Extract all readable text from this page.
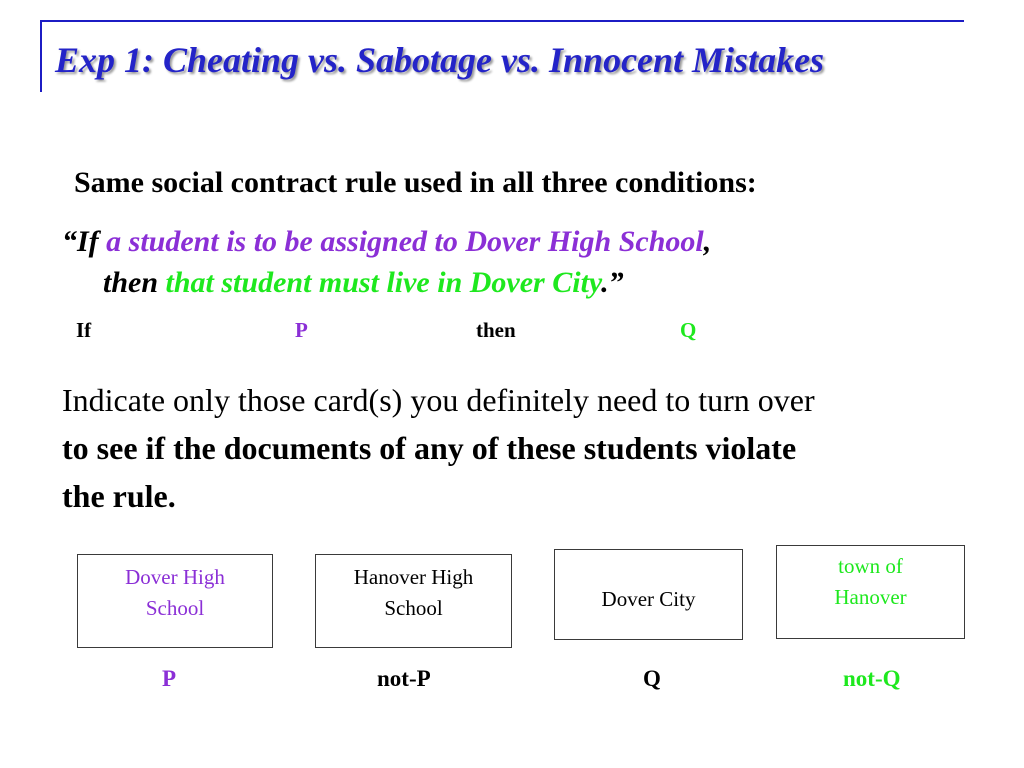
Exp 1: Cheating vs. Sabotage vs. Innocent Mistakes
Same social contract rule used in all three conditions:
“If a student is to be assigned to Dover High School,
then that student must live in Dover City.”
If	P	then	Q
Indicate only those card(s) you definitely need to turn over
to see if the documents of any of these students violate
the rule.
Dover High
School
Hanover High
School	Dover City
town of
Hanover
P	not-P	Q	not-Q
